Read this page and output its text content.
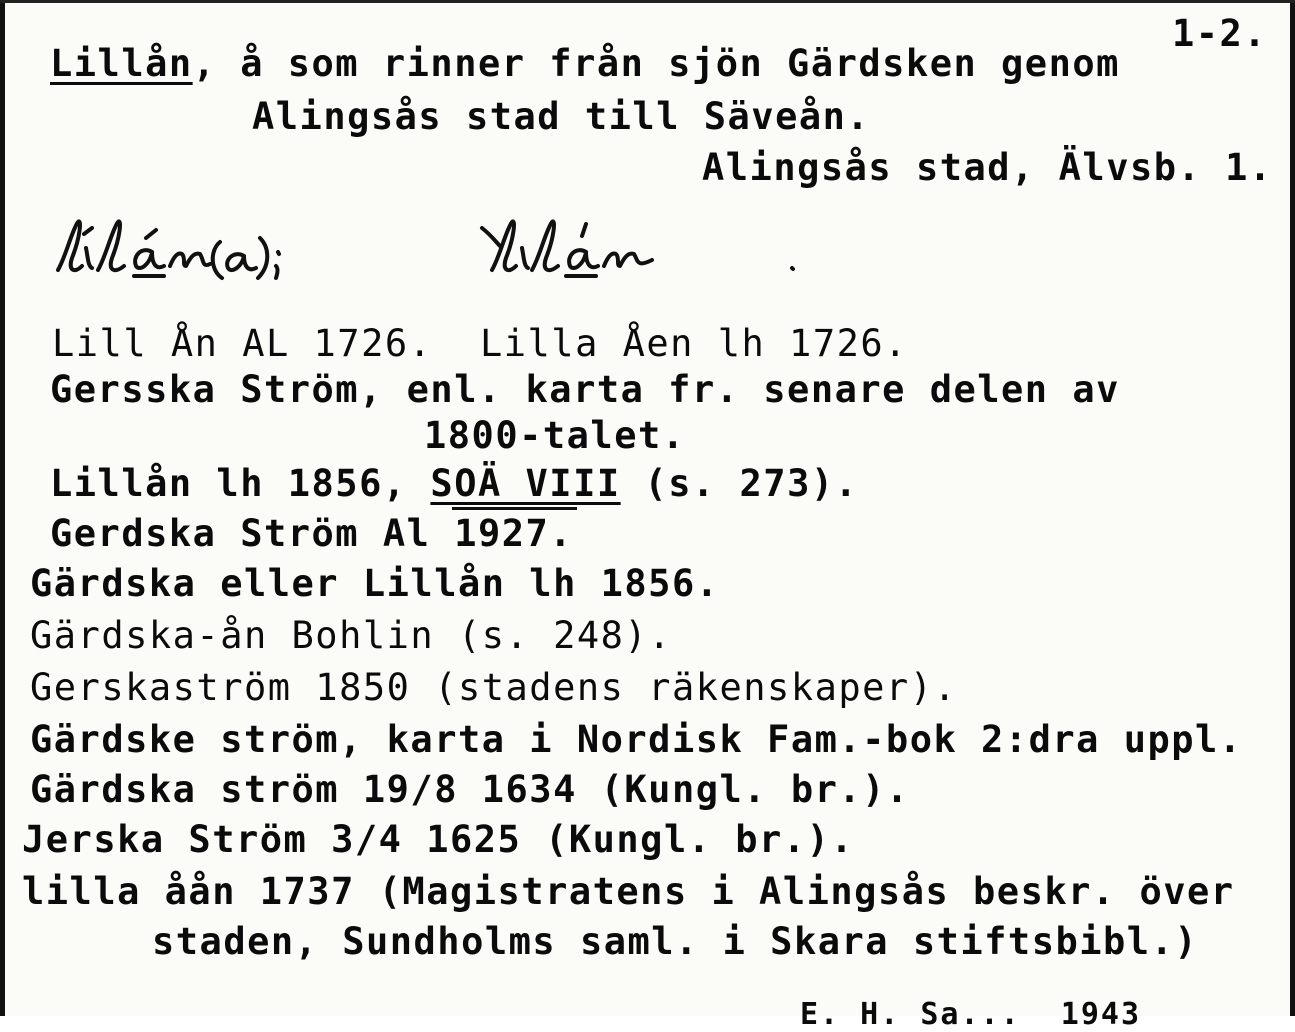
1-2.
Lillån, å som rinner från sjön Gärdsken genom
Alingsås stad till Säveån.
Alingsås stad, Älvsb. 1.
Lill Ån AL 1726.  Lilla Åen lh 1726.
Gersska Ström, enl. karta fr. senare delen av
1800-talet.
Lillån lh 1856, SOÄ VIII (s. 273).
Gerdska Ström Al 1927.
Gärdska eller Lillån lh 1856.
Gärdska-ån Bohlin (s. 248).
Gerskaström 1850 (stadens räkenskaper).
Gärdske ström, karta i Nordisk Fam.-bok 2:dra uppl.
Gärdska ström 19/8 1634 (Kungl. br.).
Jerska Ström 3/4 1625 (Kungl. br.).
lilla åån 1737 (Magistratens i Alingsås beskr. över
staden, Sundholms saml. i Skara stiftsbibl.)
E. H. Sa...  1943
